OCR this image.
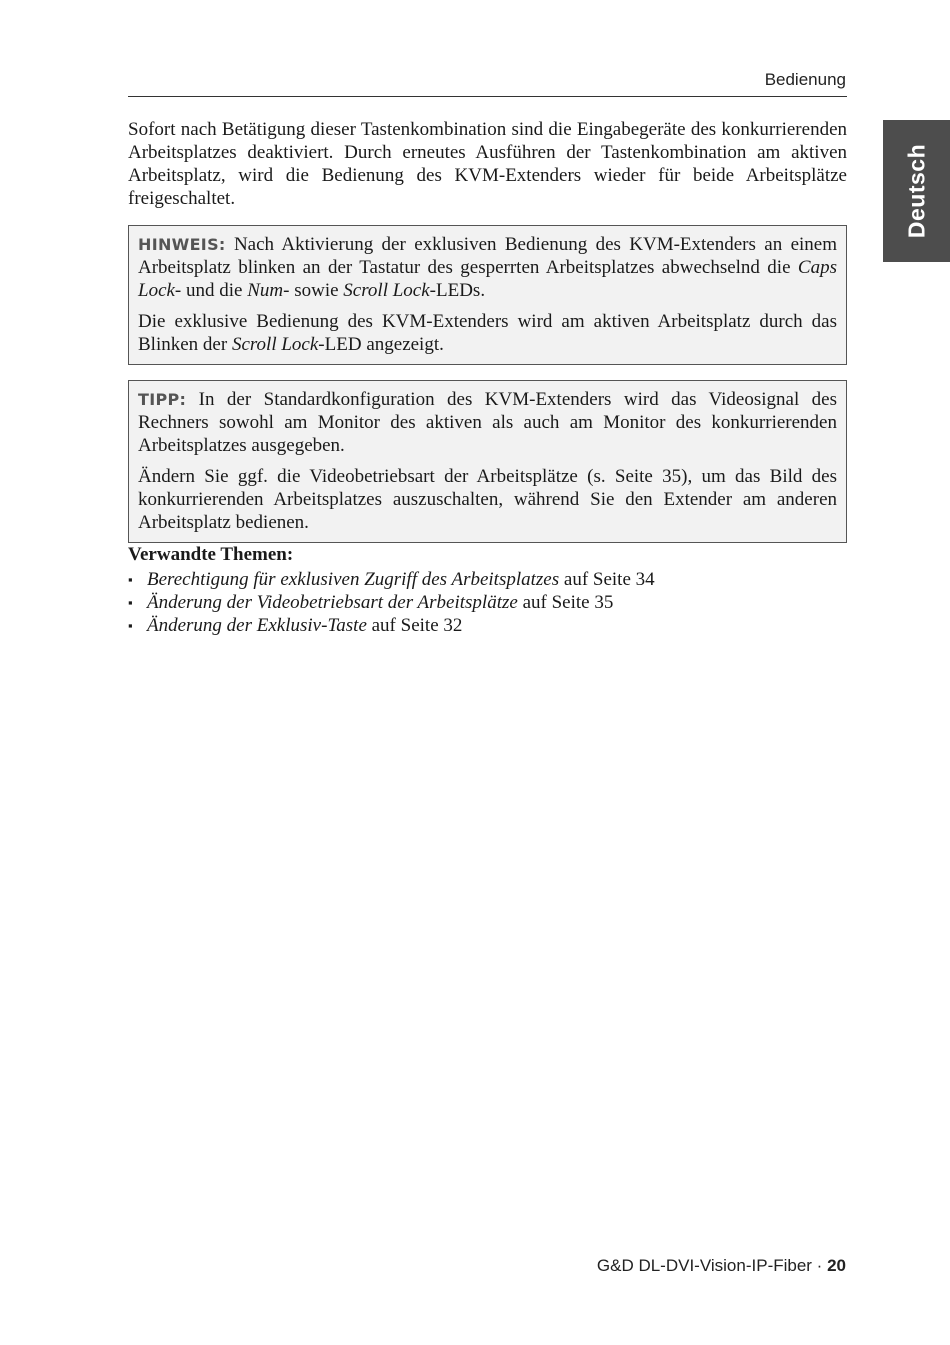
Bedienung
Deutsch

Sofort nach Betätigung dieser Tastenkombination sind die Eingabegeräte des konkurrierenden Arbeitsplatzes deaktiviert. Durch erneutes Ausführen der Tastenkombination am aktiven Arbeitsplatz, wird die Bedienung des KVM-Extenders wieder für beide Arbeitsplätze freigeschaltet.

HINWEIS: Nach Aktivierung der exklusiven Bedienung des KVM-Extenders an einem Arbeitsplatz blinken an der Tastatur des gesperrten Arbeitsplatzes abwechselnd die Caps Lock- und die Num- sowie Scroll Lock-LEDs.

Die exklusive Bedienung des KVM-Extenders wird am aktiven Arbeitsplatz durch das Blinken der Scroll Lock-LED angezeigt.

TIPP: In der Standardkonfiguration des KVM-Extenders wird das Videosignal des Rechners sowohl am Monitor des aktiven als auch am Monitor des konkurrierenden Arbeitsplatzes ausgegeben.

Ändern Sie ggf. die Videobetriebsart der Arbeitsplätze (s. Seite 35), um das Bild des konkurrierenden Arbeitsplatzes auszuschalten, während Sie den Extender am anderen Arbeitsplatz bedienen.

Verwandte Themen:

▪ Berechtigung für exklusiven Zugriff des Arbeitsplatzes auf Seite 34
▪ Änderung der Videobetriebsart der Arbeitsplätze auf Seite 35
▪ Änderung der Exklusiv-Taste auf Seite 32
G&D DL-DVI-Vision-IP-Fiber · 20
